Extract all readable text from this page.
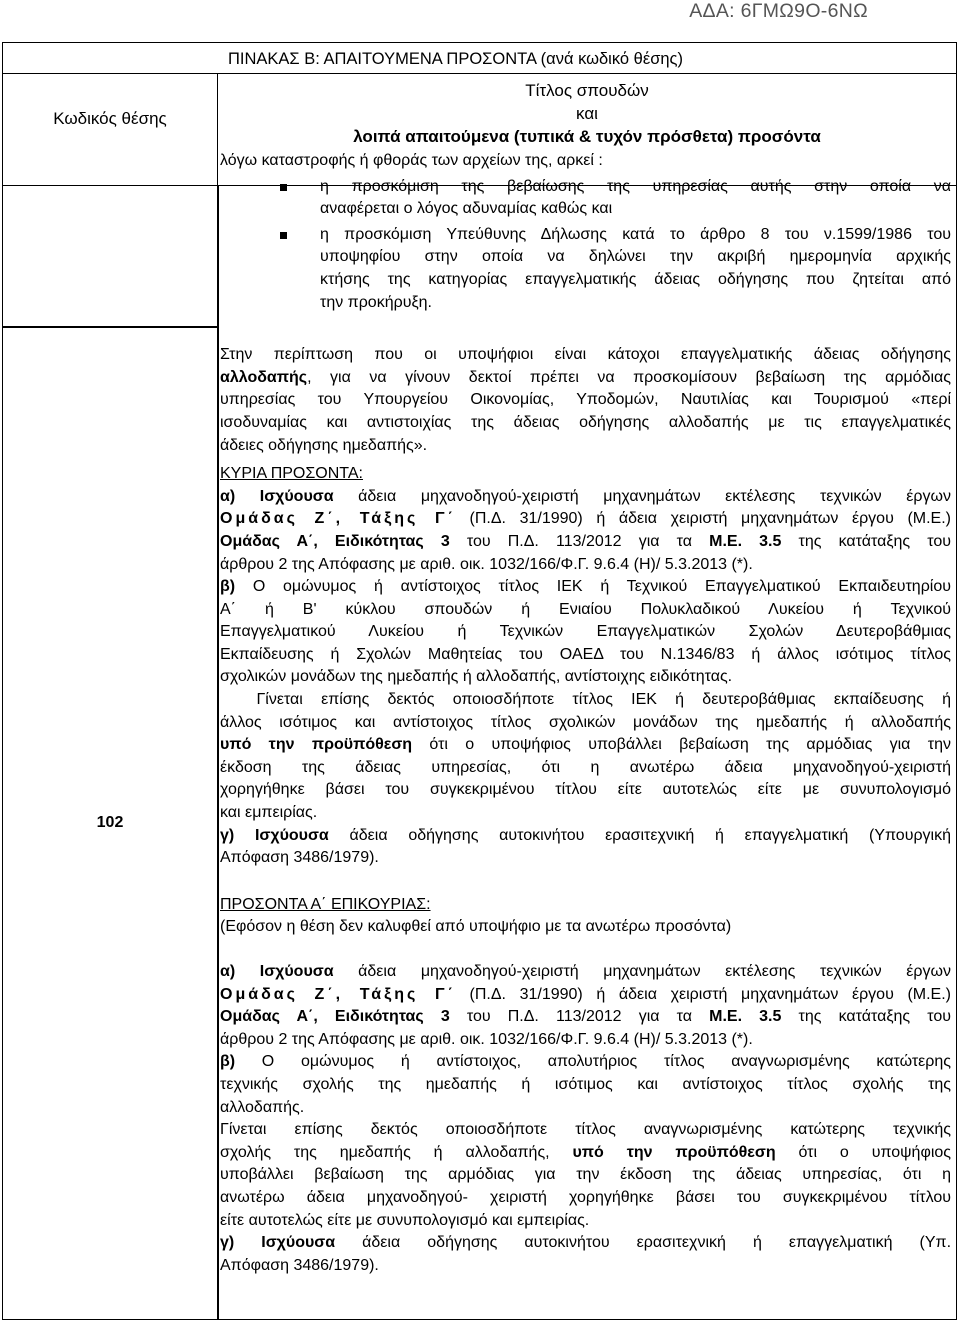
ΑΔΑ: 6ΓΜΩ9Ο-6ΝΩ
ΠΙΝΑΚΑΣ Β: ΑΠΑΙΤΟΥΜΕΝΑ ΠΡΟΣΟΝΤΑ (ανά κωδικό θέσης)
Κωδικός θέσης
Τίτλος σπουδών
και
λοιπά απαιτούμενα (τυπικά & τυχόν πρόσθετα) προσόντα
102
λόγω καταστροφής ή φθοράς των αρχείων της, αρκεί :
η προσκόμιση της βεβαίωσης της υπηρεσίας αυτής στην οποία να
αναφέρεται ο λόγος αδυναμίας καθώς και
η προσκόμιση Υπεύθυνης Δήλωσης κατά το άρθρο 8 του ν.1599/1986 του
υποψηφίου στην οποία να δηλώνει την ακριβή ημερομηνία αρχικής
κτήσης της κατηγορίας επαγγελματικής άδειας οδήγησης που ζητείται από
την προκήρυξη.
Στην περίπτωση που οι υποψήφιοι είναι κάτοχοι επαγγελματικής άδειας οδήγησης
αλλοδαπής, για να γίνουν δεκτοί πρέπει να προσκομίσουν βεβαίωση της αρμόδιας
υπηρεσίας του Υπουργείου Οικονομίας, Υποδομών, Ναυτιλίας και Τουρισμού «περί
ισοδυναμίας και αντιστοιχίας της άδειας οδήγησης αλλοδαπής με τις επαγγελματικές
άδειες οδήγησης ημεδαπής».
ΚΥΡΙΑ ΠΡΟΣΟΝΤΑ:
α) Ισχύουσα άδεια μηχανοδηγού-χειριστή μηχανημάτων εκτέλεσης τεχνικών έργων
Ομάδας Ζ΄, Τάξης Γ΄ (Π.Δ. 31/1990) ή άδεια χειριστή μηχανημάτων έργου (Μ.Ε.)
Ομάδας Α΄, Ειδικότητας 3 του Π.Δ. 113/2012 για τα Μ.Ε. 3.5 της κατάταξης του
άρθρου 2 της Απόφασης με αριθ. οικ. 1032/166/Φ.Γ. 9.6.4 (Η)/ 5.3.2013 (*).
β) Ο ομώνυμος ή αντίστοιχος τίτλος ΙΕΚ ή Τεχνικού Επαγγελματικού Εκπαιδευτηρίου
Α΄ ή Β' κύκλου σπουδών ή Ενιαίου Πολυκλαδικού Λυκείου ή Τεχνικού
Επαγγελματικού Λυκείου ή Τεχνικών Επαγγελματικών Σχολών Δευτεροβάθμιας
Εκπαίδευσης ή Σχολών Μαθητείας του ΟΑΕΔ του Ν.1346/83 ή άλλος ισότιμος τίτλος
σχολικών μονάδων της ημεδαπής ή αλλοδαπής, αντίστοιχης ειδικότητας.
Γίνεται επίσης δεκτός οποιοσδήποτε τίτλος ΙΕΚ ή δευτεροβάθμιας εκπαίδευσης ή
άλλος ισότιμος και αντίστοιχος τίτλος σχολικών μονάδων της ημεδαπής ή αλλοδαπής
υπό την προϋπόθεση ότι ο υποψήφιος υποβάλλει βεβαίωση της αρμόδιας για την
έκδοση της άδειας υπηρεσίας, ότι η ανωτέρω άδεια μηχανοδηγού-χειριστή
χορηγήθηκε βάσει του συγκεκριμένου τίτλου είτε αυτοτελώς είτε με συνυπολογισμό
και εμπειρίας.
γ) Ισχύουσα άδεια οδήγησης αυτοκινήτου ερασιτεχνική ή επαγγελματική (Υπουργική
Απόφαση 3486/1979).
ΠΡΟΣΟΝΤΑ Α΄ ΕΠΙΚΟΥΡΙΑΣ:
(Εφόσον η θέση δεν καλυφθεί από υποψήφιο με τα ανωτέρω προσόντα)
α) Ισχύουσα άδεια μηχανοδηγού-χειριστή μηχανημάτων εκτέλεσης τεχνικών έργων
Ομάδας Ζ΄, Τάξης Γ΄ (Π.Δ. 31/1990) ή άδεια χειριστή μηχανημάτων έργου (Μ.Ε.)
Ομάδας Α΄, Ειδικότητας 3 του Π.Δ. 113/2012 για τα Μ.Ε. 3.5 της κατάταξης του
άρθρου 2 της Απόφασης με αριθ. οικ. 1032/166/Φ.Γ. 9.6.4 (Η)/ 5.3.2013 (*).
β) Ο ομώνυμος ή αντίστοιχος, απολυτήριος τίτλος αναγνωρισμένης κατώτερης
τεχνικής σχολής της ημεδαπής ή ισότιμος και αντίστοιχος τίτλος σχολής της
αλλοδαπής.
Γίνεται επίσης δεκτός οποιοσδήποτε τίτλος αναγνωρισμένης κατώτερης τεχνικής
σχολής της ημεδαπής ή αλλοδαπής, υπό την προϋπόθεση ότι ο υποψήφιος
υποβάλλει βεβαίωση της αρμόδιας για την έκδοση της άδειας υπηρεσίας, ότι η
ανωτέρω άδεια μηχανοδηγού- χειριστή χορηγήθηκε βάσει του συγκεκριμένου τίτλου
είτε αυτοτελώς είτε με συνυπολογισμό και εμπειρίας.
γ) Ισχύουσα άδεια οδήγησης αυτοκινήτου ερασιτεχνική ή επαγγελματική (Υπ.
Απόφαση 3486/1979).
